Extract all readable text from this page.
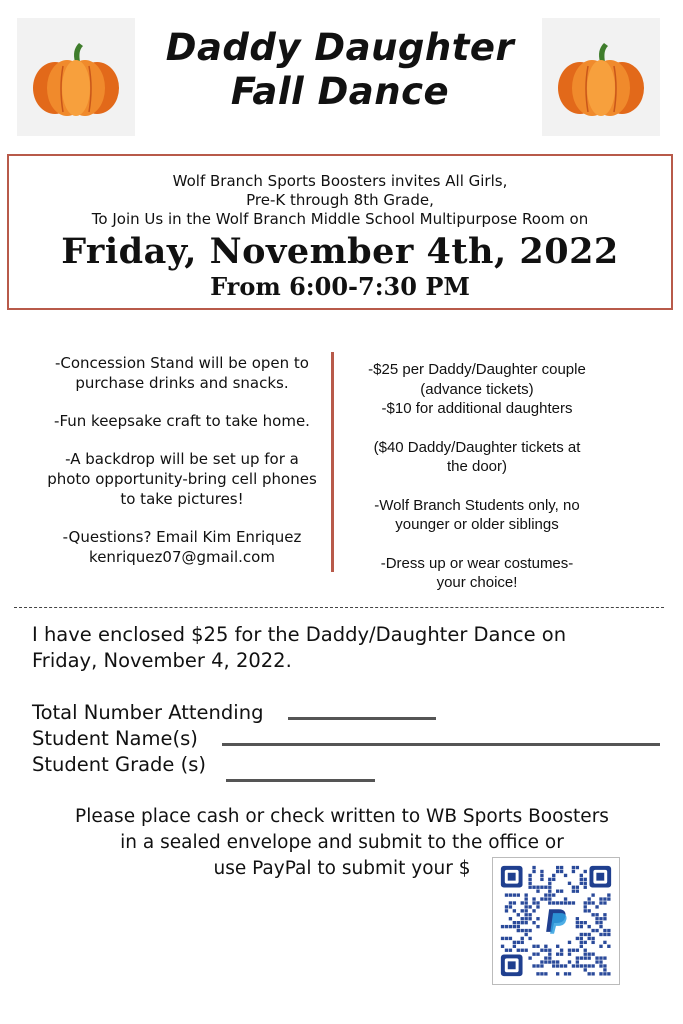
Daddy Daughter
Fall Dance
Wolf Branch Sports Boosters invites All Girls,
Pre-K through 8th Grade,
To Join Us in the Wolf Branch Middle School Multipurpose Room on
Friday, November 4th, 2022
From 6:00-7:30 PM

-Concession Stand will be open to
purchase drinks and snacks.

-Fun keepsake craft to take home.

-A backdrop will be set up for a
photo opportunity-bring cell phones
to take pictures!

-Questions? Email Kim Enriquez
kenriquez07@gmail.com

-$25 per Daddy/Daughter couple

(advance tickets)

-$10 for additional daughters

($40 Daddy/Daughter tickets at

the door)

-Wolf Branch Students only, no

younger or older siblings

-Dress up or wear costumes-

your choice!

I have enclosed $25 for the Daddy/Daughter Dance on
Friday, November 4, 2022.
Total Number Attending
Student Name(s)
Student Grade (s)
Please place cash or check written to WB Sports Boosters
in a sealed envelope and submit to the office or
use PayPal to submit your $
